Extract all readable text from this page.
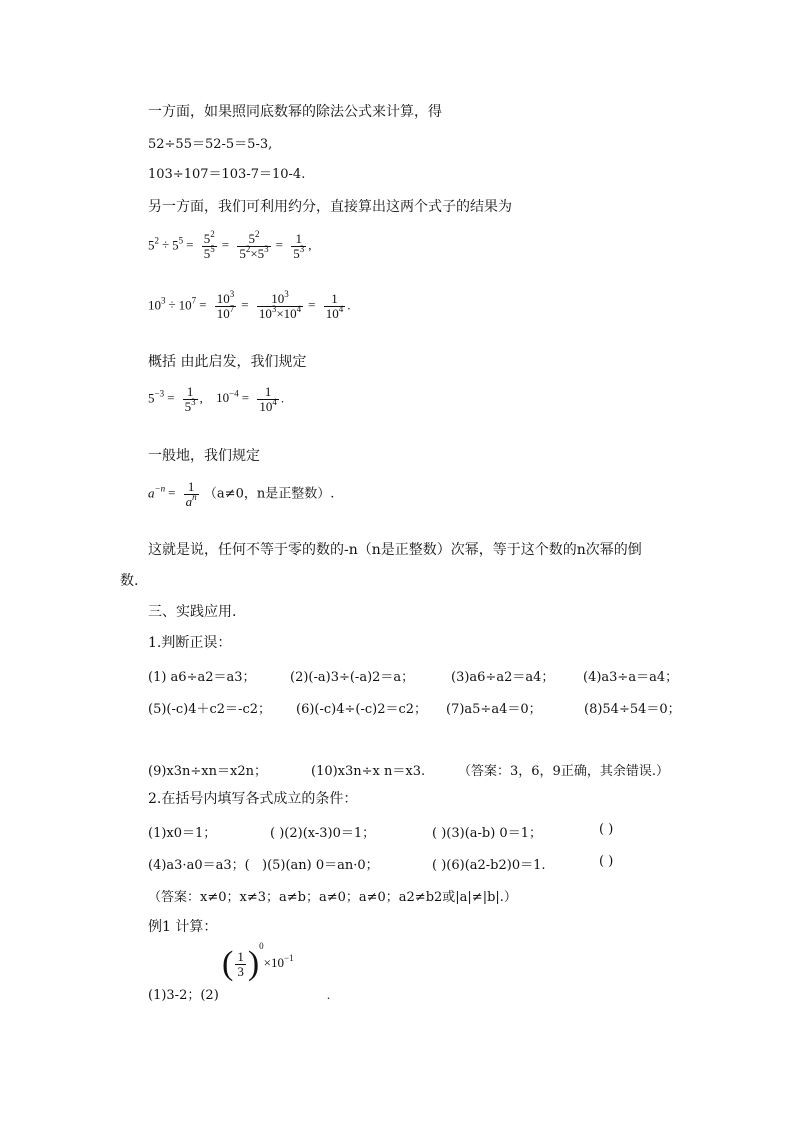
一方面，如果照同底数幂的除法公式来计算，得
52÷55＝52-5＝5-3,
103÷107＝103-7＝10-4.
另一方面，我们可利用约分，直接算出这两个式子的结果为
$5^2 \div 5^5 = \frac{5^2}{5^5} = \frac{5^2}{5^2\times 5^3} = \frac{1}{5^3}$ ,
$10^3 \div 10^7 = \frac{10^3}{10^7} = \frac{10^3}{10^3\times 10^4} = \frac{1}{10^4}$ .
概括 由此启发，我们规定
$5^{-3} = \frac{1}{5^3}$ , $10^{-4} = \frac{1}{10^4}$ .
一般地，我们规定
$a^{-n} = \frac{1}{a^n} (a\ne 0$，n是正整数）.
这就是说，任何不等于零的数的-n（n是正整数）次幂，等于这个数的n次幂的倒
数.
三、实践应用.
1.判断正误：
(1) a6÷a2＝a3；	(2)(-a)3÷(-a)2＝a；	(3)a6÷a2＝a4； (4)a3÷a＝a4；
(5)(-c)4＋c2＝-c2； (6)(-c)4÷(-c)2＝c2； (7)a5÷a4＝0；	(8)54÷54＝0；
(9)x3n÷xn＝x2n；	(10)x3n÷x n＝x3.	（答案：3，6，9正确，其余错误.）
2.在括号内填写各式成立的条件：
(1)x0＝1；	( )(2)(x-3)0＝1；	( )(3)(a-b) 0＝1；	( )
(4)a3·a0＝a3；( )(5)(an) 0＝an·0；	( )(6)(a2-b2)0＝1.	( )
（答案：x≠0；x≠3；a≠b；a≠0；a≠0；a2≠b2或|a|≠|b|.）
例1 计算：
(1)3-2；(2) ( $\frac{1}{3} )^0\times 10^{-1}$ .
